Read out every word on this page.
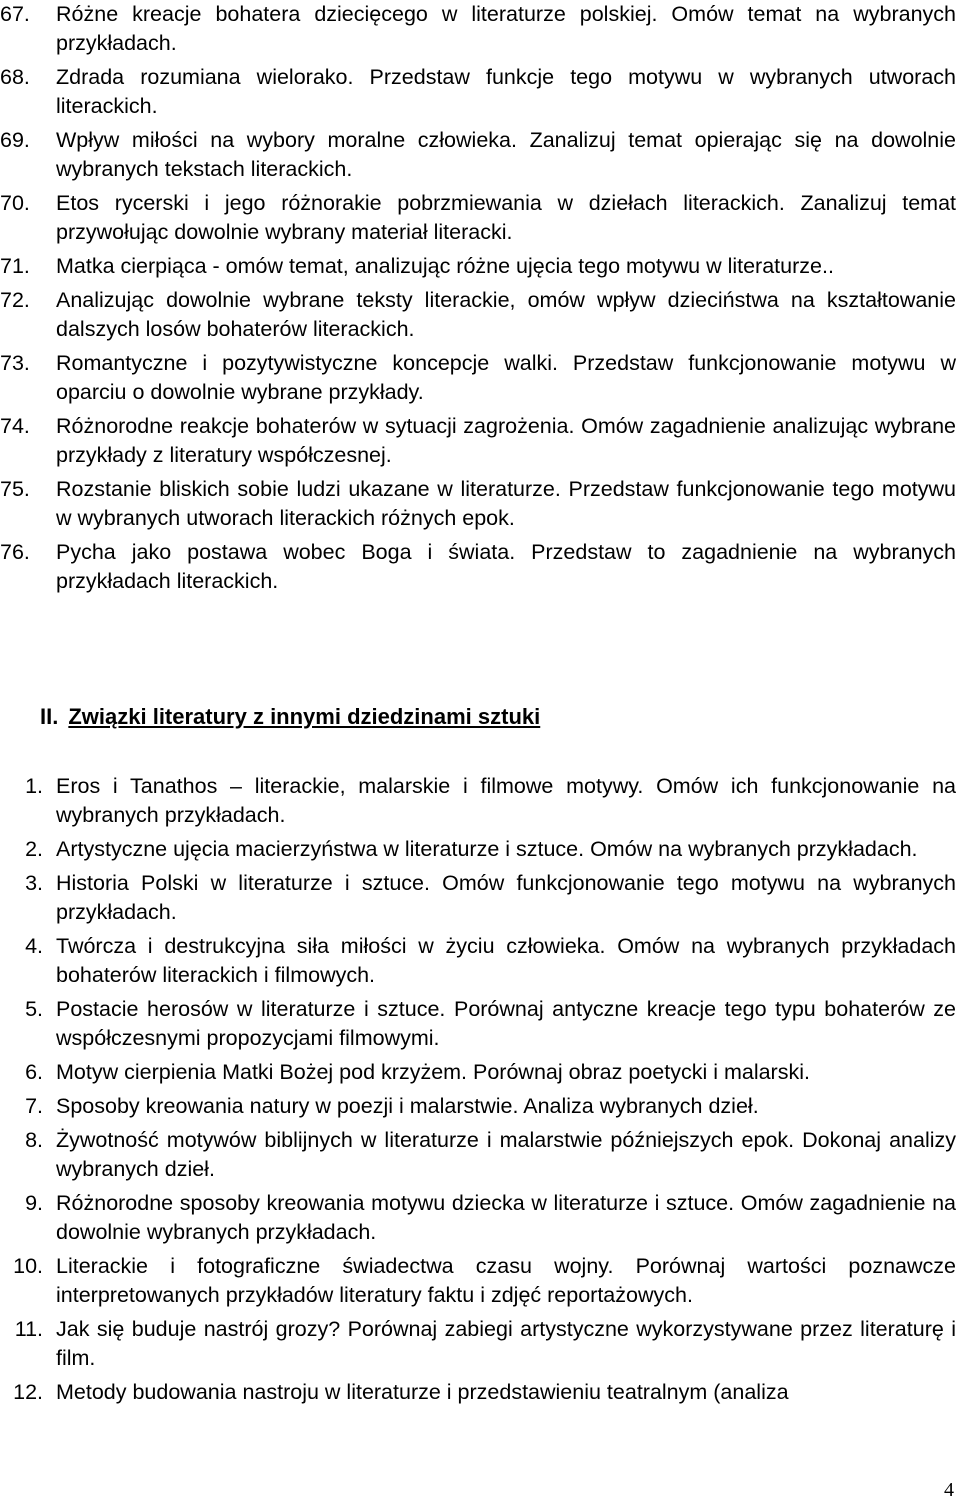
67.	Różne kreacje bohatera dziecięcego w literaturze polskiej. Omów temat na wybranych przykładach.
68.	Zdrada rozumiana wielorako. Przedstaw funkcje tego motywu w wybranych utworach literackich.
69.	Wpływ miłości na wybory moralne człowieka. Zanalizuj temat opierając się na dowolnie wybranych tekstach literackich.
70.	Etos rycerski i jego różnorakie pobrzmiewania w dziełach literackich. Zanalizuj temat przywołując dowolnie wybrany materiał literacki.
71.	Matka cierpiąca - omów temat, analizując różne ujęcia tego motywu w literaturze..
72.	Analizując dowolnie wybrane teksty literackie, omów wpływ dzieciństwa na kształtowanie dalszych losów bohaterów literackich.
73.	Romantyczne i pozytywistyczne koncepcje walki. Przedstaw funkcjonowanie motywu w oparciu o dowolnie wybrane przykłady.
74.	Różnorodne reakcje bohaterów w sytuacji zagrożenia. Omów zagadnienie analizując wybrane przykłady z literatury współczesnej.
75.	Rozstanie bliskich sobie ludzi ukazane w literaturze. Przedstaw funkcjonowanie tego motywu w wybranych utworach literackich różnych epok.
76.	Pycha jako postawa wobec Boga i świata. Przedstaw to zagadnienie na wybranych przykładach literackich.
II. Związki literatury z innymi dziedzinami sztuki
1. Eros i Tanathos – literackie, malarskie i filmowe motywy. Omów ich funkcjonowanie na wybranych przykładach.
2. Artystyczne ujęcia macierzyństwa w literaturze i sztuce. Omów na wybranych przykładach.
3. Historia Polski w literaturze i sztuce. Omów funkcjonowanie tego motywu na wybranych przykładach.
4. Twórcza i destrukcyjna siła miłości w życiu człowieka. Omów na wybranych przykładach bohaterów literackich i filmowych.
5. Postacie herosów w literaturze i sztuce. Porównaj antyczne kreacje tego typu bohaterów ze współczesnymi propozycjami filmowymi.
6. Motyw cierpienia Matki Bożej pod krzyżem. Porównaj obraz poetycki i malarski.
7. Sposoby kreowania natury w poezji i malarstwie. Analiza wybranych dzieł.
8. Żywotność motywów biblijnych w literaturze i malarstwie późniejszych epok. Dokonaj analizy wybranych dzieł.
9. Różnorodne sposoby kreowania motywu dziecka w literaturze i sztuce. Omów zagadnienie na dowolnie wybranych przykładach.
10. Literackie i fotograficzne świadectwa czasu wojny. Porównaj wartości poznawcze interpretowanych przykładów literatury faktu i zdjęć reportażowych.
11. Jak się buduje nastrój grozy? Porównaj zabiegi artystyczne wykorzystywane przez literaturę i film.
12. Metody budowania nastroju w literaturze i przedstawieniu teatralnym (analiza
4
